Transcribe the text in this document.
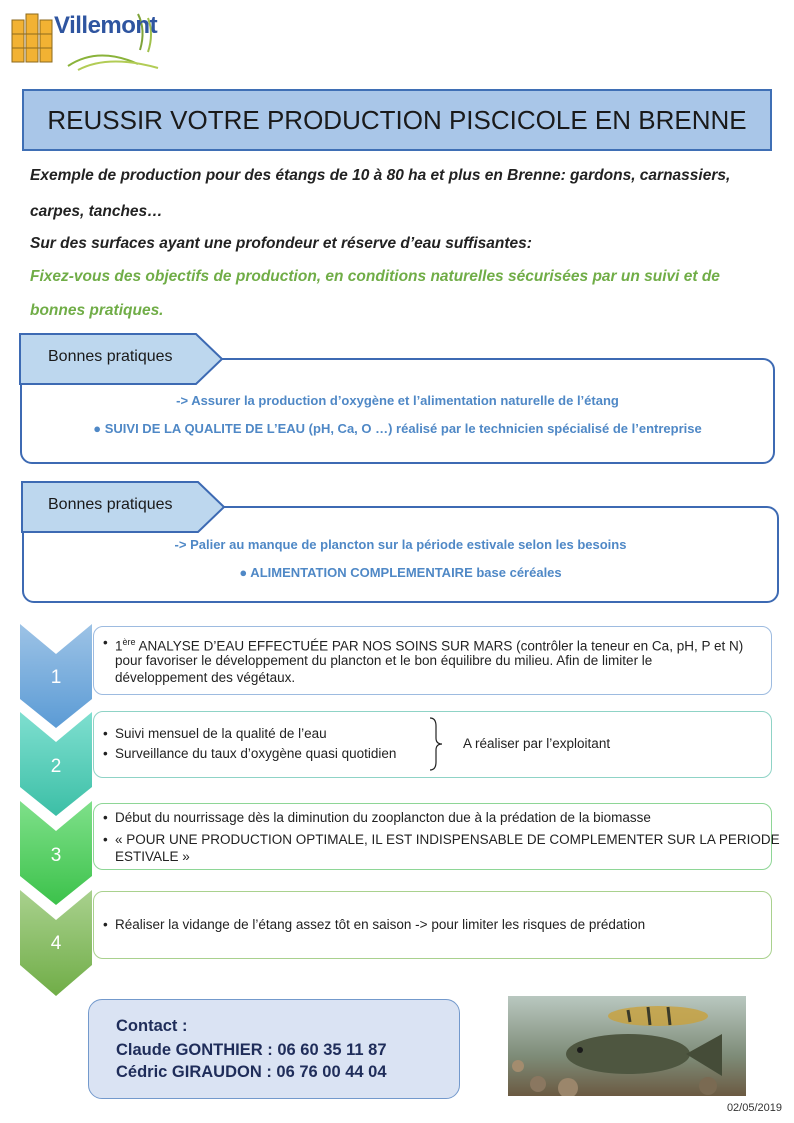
Villemont
REUSSIR VOTRE PRODUCTION PISCICOLE EN BRENNE
Exemple de production pour des étangs de 10 à 80 ha et plus en Brenne: gardons, carnassiers,
carpes, tanches…
Sur des surfaces ayant une profondeur et réserve d’eau suffisantes:
Fixez-vous des objectifs de production, en conditions naturelles sécurisées par un suivi et de
bonnes pratiques.
Bonnes pratiques
-> Assurer la production d’oxygène et l’alimentation naturelle de l’étang
● SUIVI DE LA QUALITE DE L’EAU (pH, Ca, O …) réalisé par le technicien spécialisé de l’entreprise
Bonnes pratiques
-> Palier au manque de plancton sur la période estivale selon les besoins
● ALIMENTATION COMPLEMENTAIRE base céréales
1
2
3
4
• 1ère ANALYSE D’EAU EFFECTUÉE PAR NOS SOINS SUR MARS (contrôler la teneur en Ca, pH, P et N)
pour favoriser le développement du plancton et le bon équilibre du milieu. Afin de limiter le
développement des végétaux.
• Suivi mensuel de la qualité de l’eau
• Surveillance du taux d’oxygène quasi quotidien
A réaliser par l’exploitant
• Début du nourrissage dès la diminution du zooplancton due à la prédation de la biomasse
• « POUR UNE PRODUCTION OPTIMALE, IL EST INDISPENSABLE DE COMPLEMENTER SUR LA PERIODE
ESTIVALE »
• Réaliser la vidange de l’étang assez tôt en saison -> pour limiter les risques de prédation
Contact :
Claude GONTHIER : 06 60 35 11 87
Cédric GIRAUDON : 06 76 00 44 04
02/05/2019
